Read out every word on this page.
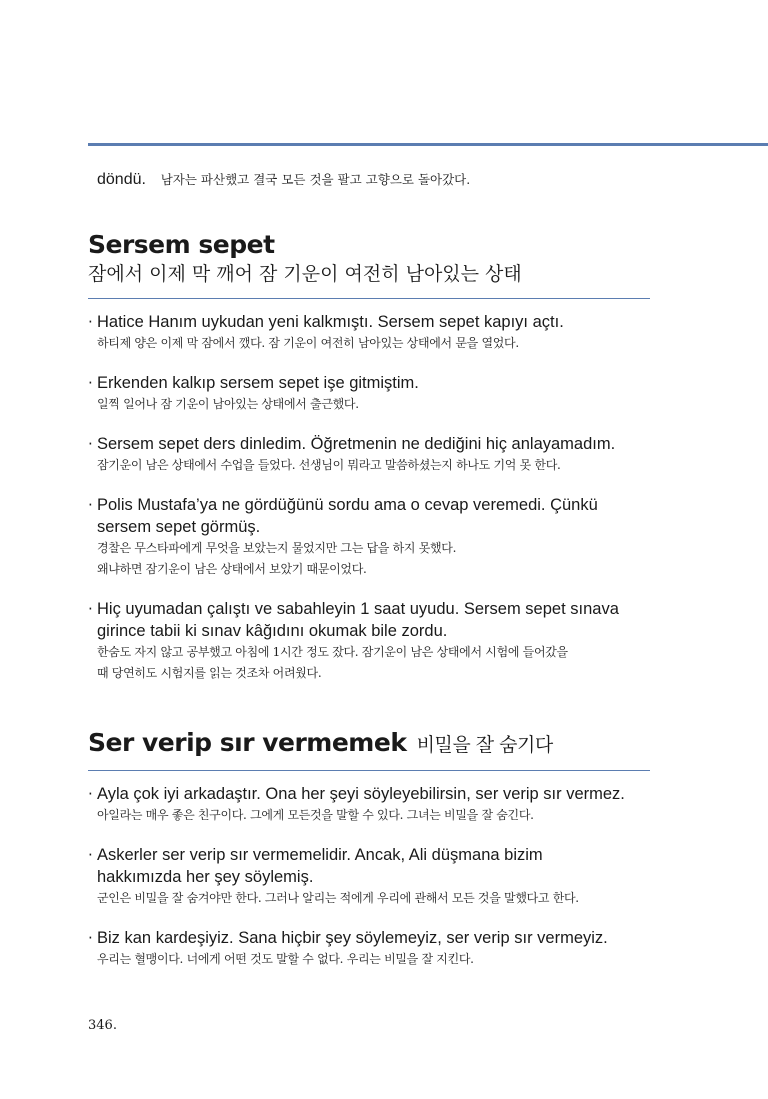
döndü. 남자는 파산했고 결국 모든 것을 팔고 고향으로 돌아갔다.
Sersem sepet
잠에서 이제 막 깨어 잠 기운이 여전히 남아있는 상태
· Hatice Hanım uykudan yeni kalkmıştı. Sersem sepet kapıyı açtı.
하티제 양은 이제 막 잠에서 깼다. 잠 기운이 여전히 남아있는 상태에서 문을 열었다.
· Erkenden kalkıp sersem sepet işe gitmiştim.
일찍 일어나 잠 기운이 남아있는 상태에서 출근했다.
· Sersem sepet ders dinledim. Öğretmenin ne dediğini hiç anlayamadım.
잠기운이 남은 상태에서 수업을 들었다. 선생님이 뭐라고 말씀하셨는지 하나도 기억 못 한다.
· Polis Mustafa’ya ne gördüğünü sordu ama o cevap veremedi. Çünkü
sersem sepet görmüş.
경찰은 무스타파에게 무엇을 보았는지 물었지만 그는 답을 하지 못했다.
왜냐하면 잠기운이 남은 상태에서 보았기 때문이었다.
· Hiç uyumadan çalıştı ve sabahleyin 1 saat uyudu. Sersem sepet sınava
girince tabii ki sınav kâğıdını okumak bile zordu.
한숨도 자지 않고 공부했고 아침에 1시간 정도 잤다. 잠기운이 남은 상태에서 시험에 들어갔을
때 당연히도 시험지를 읽는 것조차 어려웠다.
Ser verip sır vermemek 비밀을 잘 숨기다
· Ayla çok iyi arkadaştır. Ona her şeyi söyleyebilirsin, ser verip sır vermez.
아일라는 매우 좋은 친구이다. 그에게 모든것을 말할 수 있다. 그녀는 비밀을 잘 숨긴다.
· Askerler ser verip sır vermemelidir. Ancak, Ali düşmana bizim
hakkımızda her şey söylemiş.
군인은 비밀을 잘 숨겨야만 한다. 그러나 알리는 적에게 우리에 관해서 모든 것을 말했다고 한다.
· Biz kan kardeşiyiz. Sana hiçbir şey söylemeyiz, ser verip sır vermeyiz.
우리는 혈맹이다. 너에게 어떤 것도 말할 수 없다. 우리는 비밀을 잘 지킨다.
346.
